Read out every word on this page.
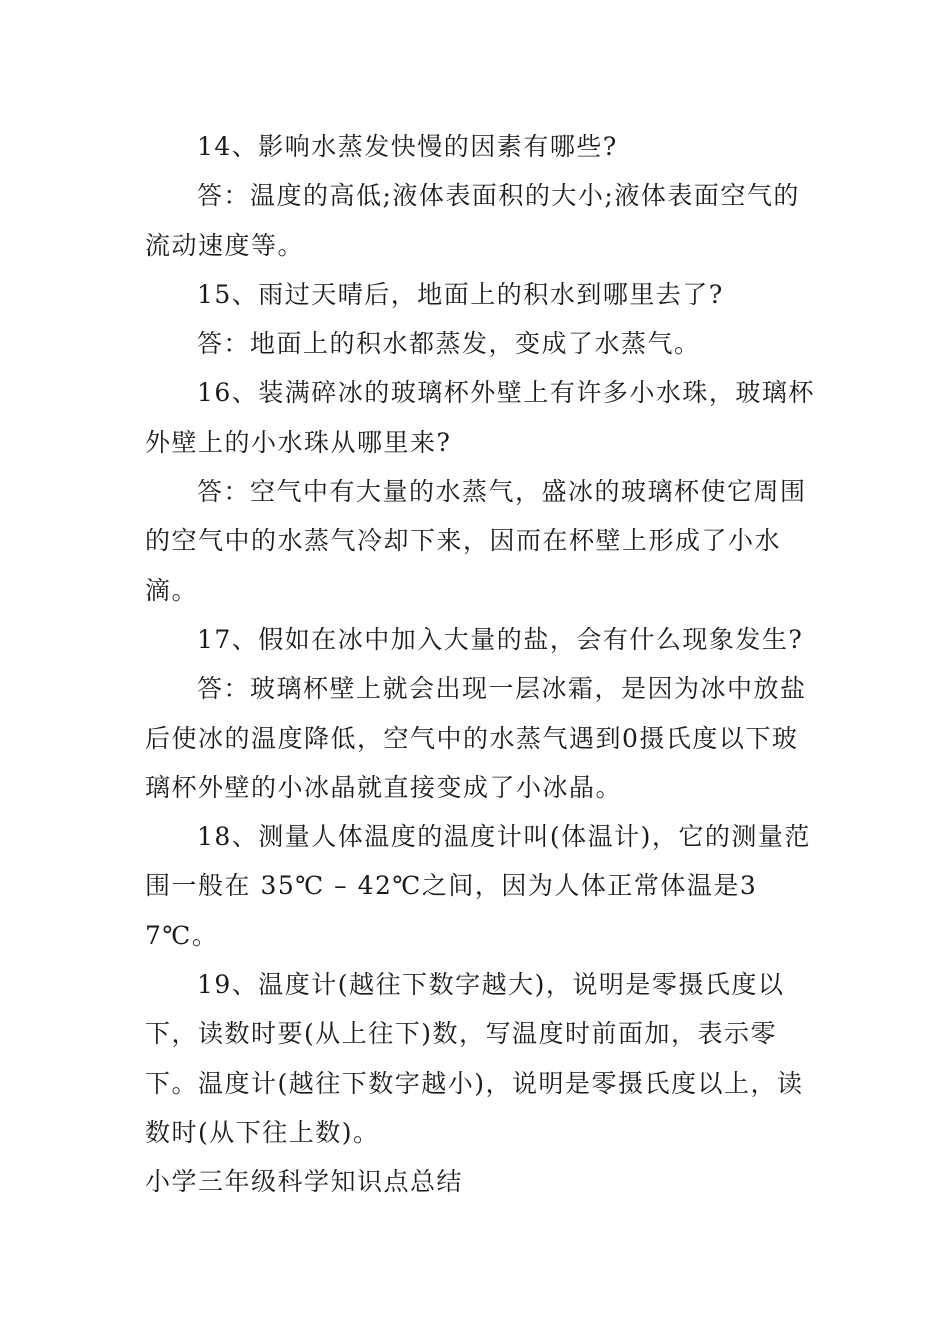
14、影响水蒸发快慢的因素有哪些?

答：温度的高低;液体表面积的大小;液体表面空气的流动速度等。

15、雨过天晴后，地面上的积水到哪里去了?

答：地面上的积水都蒸发，变成了水蒸气。

16、装满碎冰的玻璃杯外壁上有许多小水珠，玻璃杯外壁上的小水珠从哪里来?

答：空气中有大量的水蒸气，盛冰的玻璃杯使它周围的空气中的水蒸气冷却下来，因而在杯壁上形成了小水滴。

17、假如在冰中加入大量的盐，会有什么现象发生?

答：玻璃杯壁上就会出现一层冰霜，是因为冰中放盐后使冰的温度降低，空气中的水蒸气遇到0摄氏度以下玻璃杯外壁的小冰晶就直接变成了小冰晶。

18、测量人体温度的温度计叫(体温计)，它的测量范围一般在 35℃ – 42℃之间，因为人体正常体温是37℃。

19、温度计(越往下数字越大)，说明是零摄氏度以下，读数时要(从上往下)数，写温度时前面加，表示零下。温度计(越往下数字越小)，说明是零摄氏度以上，读数时(从下往上数)。

小学三年级科学知识点总结
